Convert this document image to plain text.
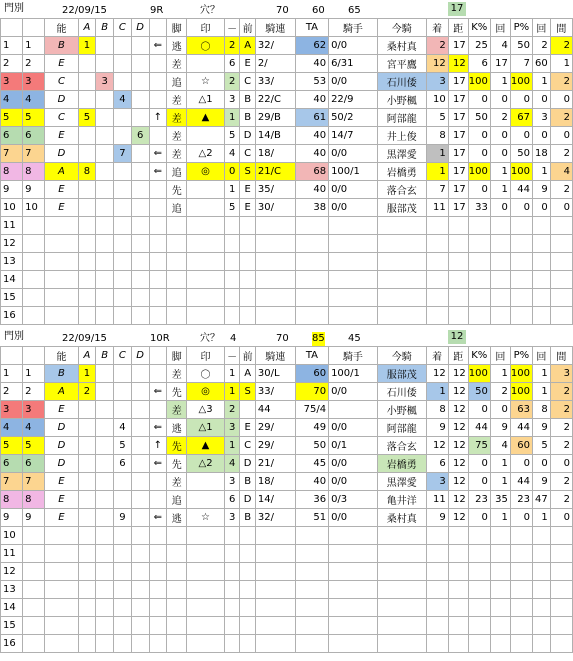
門別	22/09/15	9R	穴？	70 60 65	17
		能	A	B	C	D		脚	印	－	前	騎連	TA	騎手	今騎	着	距	K%	回	P%	回	間
1	1	B	1				⇐	逃	〇	2	A	32/	62	0/0	桑村真	2	17	25	4	50	2	2
2	2	E						差		6	E	2/	40	6/31	宮平鷹	12	12	6	17	7	60	1
3	3	C		3				追	☆	2	C	33/	53	0/0	石川倭	3	17	100	1	100	1	2
4	4	D			4			差	△1	3	B	22/C	40	22/9	小野楓	10	17	0	0	0	0	0
5	5	C	5				↑	差	▲	1	B	29/B	61	50/2	阿部龍	5	17	50	2	67	3	2
6	6	E				6		差		5	D	14/B	40	14/7	井上俊	8	17	0	0	0	0	0
7	7	D			7		⇐	差	△2	4	C	18/	40	0/0	黒澤愛	1	17	0	0	50	18	2
8	8	A	8				⇐	追	◎	0	S	21/C	68	100/1	岩橋勇	1	17	100	1	100	1	4
9	9	E						先		1	E	35/	40	0/0	落合玄	7	17	0	1	44	9	2
10	10	E						追		5	E	30/	38	0/0	服部茂	11	17	33	0	0	0	0
11																						
12																						
13																						
14																						
15																						
16																						
門別	22/09/15	10R	穴？ 4	70 85 45	12
		能	A	B	C	D		脚	印	－	前	騎連	TA	騎手	今騎	着	距	K%	回	P%	回	間
1	1	B	1					差	〇	1	A	30/L	60	100/1	服部茂	12	12	100	1	100	1	3
2	2	A	2				⇐	先	◎	1	S	33/	70	0/0	石川倭	1	12	50	2	100	1	2
3	3	E						差	△3	2		44	75/4		小野楓	8	12	0	0	63	8	2
4	4	D			4		⇐	逃	△1	3	E	29/	49	0/0	阿部龍	9	12	44	9	44	9	2
5	5	D			5		↑	先	▲	1	C	29/	50	0/1	落合玄	12	12	75	4	60	5	2
6	6	D			6		⇐	先	△2	4	D	21/	45	0/0	岩橋勇	6	12	0	1	0	0	0
7	7	E						差		3	B	18/	40	0/0	黒澤愛	3	12	0	1	44	9	2
8	8	E						追		6	D	14/	36	0/3	亀井洋	11	12	23	35	23	47	2
9	9	E			9		⇐	逃	☆	3	B	32/	51	0/0	桑村真	9	12	0	1	0	1	0
10																						
11																						
12																						
13																						
14																						
15																						
16																						
